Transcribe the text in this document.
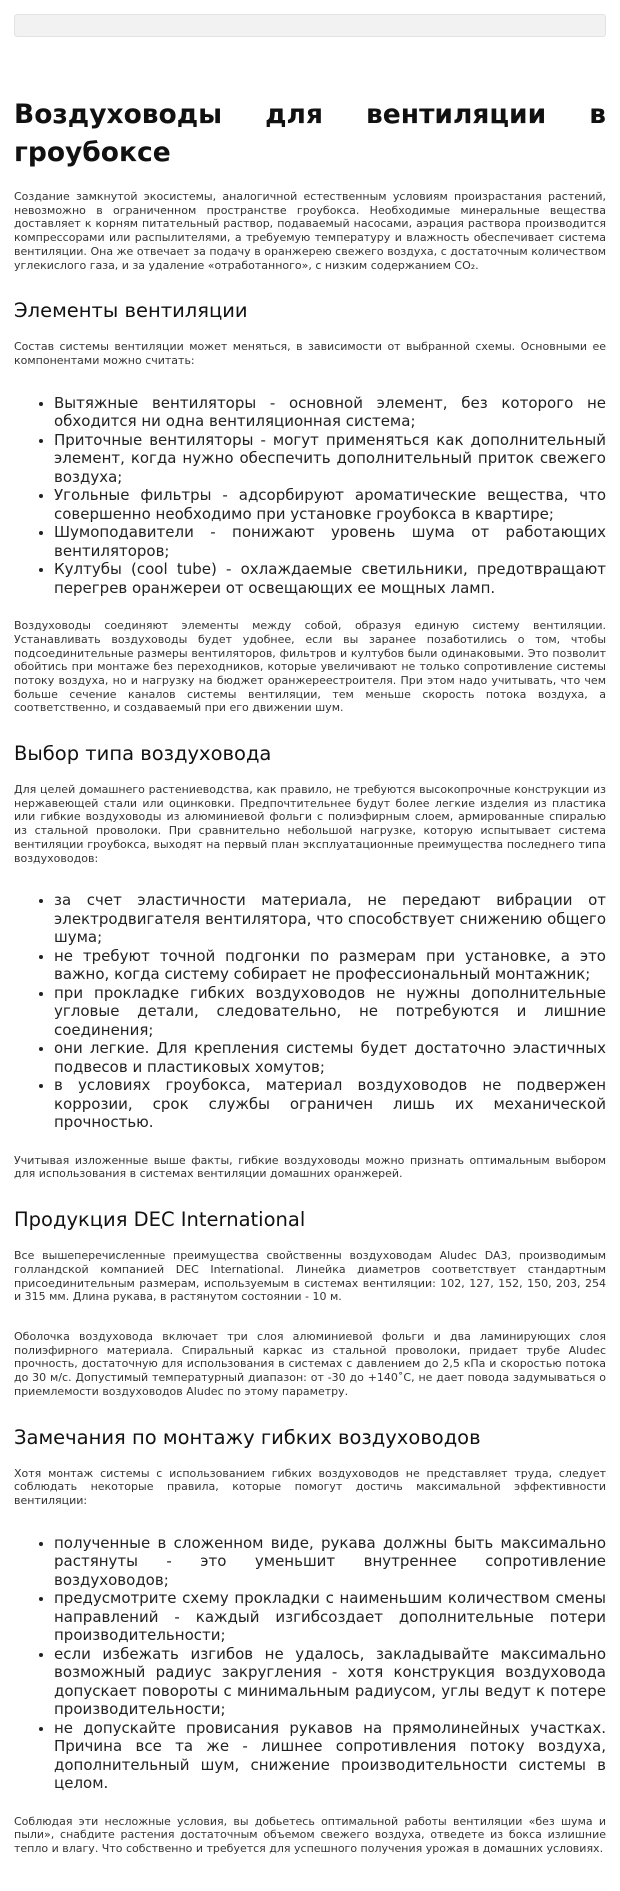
Воздуховоды для вентиляции в гроубоксе

Создание замкнутой экосистемы, аналогичной естественным условиям произрастания растений, невозможно в ограниченном пространстве гроубокса. Необходимые минеральные вещества доставляет к корням питательный раствор, подаваемый насосами, аэрация раствора производится компрессорами или распылителями, а требуемую температуру и влажность обеспечивает система вентиляции. Она же отвечает за подачу в оранжерею свежего воздуха, с достаточным количеством углекислого газа, и за удаление «отработанного», с низким содержанием CO₂.

Элементы вентиляции

Состав системы вентиляции может меняться, в зависимости от выбранной схемы. Основными ее компонентами можно считать:

• Вытяжные вентиляторы - основной элемент, без которого не обходится ни одна вентиляционная система;
• Приточные вентиляторы - могут применяться как дополнительный элемент, когда нужно обеспечить дополнительный приток свежего воздуха;
• Угольные фильтры - адсорбируют ароматические вещества, что совершенно необходимо при установке гроубокса в квартире;
• Шумоподавители - понижают уровень шума от работающих вентиляторов;
• Култубы (cool tube) - охлаждаемые светильники, предотвращают перегрев оранжереи от освещающих ее мощных ламп.

Воздуховоды соединяют элементы между собой, образуя единую систему вентиляции. Устанавливать воздуховоды будет удобнее, если вы заранее позаботились о том, чтобы подсоединительные размеры вентиляторов, фильтров и култубов были одинаковыми. Это позволит обойтись при монтаже без переходников, которые увеличивают не только сопротивление системы потоку воздуха, но и нагрузку на бюджет оранжереестроителя. При этом надо учитывать, что чем больше сечение каналов системы вентиляции, тем меньше скорость потока воздуха, а соответственно, и создаваемый при его движении шум.

Выбор типа воздуховода

Для целей домашнего растениеводства, как правило, не требуются высокопрочные конструкции из нержавеющей стали или оцинковки. Предпочтительнее будут более легкие изделия из пластика или гибкие воздуховоды из алюминиевой фольги с полиэфирным слоем, армированные спиралью из стальной проволоки. При сравнительно небольшой нагрузке, которую испытывает система вентиляции гроубокса, выходят на первый план эксплуатационные преимущества последнего типа воздуховодов:

• за счет эластичности материала, не передают вибрации от электродвигателя вентилятора, что способствует снижению общего шума;
• не требуют точной подгонки по размерам при установке, а это важно, когда систему собирает не профессиональный монтажник;
• при прокладке гибких воздуховодов не нужны дополнительные угловые детали, следовательно, не потребуются и лишние соединения;
• они легкие. Для крепления системы будет достаточно эластичных подвесов и пластиковых хомутов;
• в условиях гроубокса, материал воздуховодов не подвержен коррозии, срок службы ограничен лишь их механической прочностью.

Учитывая изложенные выше факты, гибкие воздуховоды можно признать оптимальным выбором для использования в системах вентиляции домашних оранжерей.

Продукция DEC International

Все вышеперечисленные преимущества свойственны воздуховодам Aludec DA3, производимым голландской компанией DEC International. Линейка диаметров соответствует стандартным присоединительным размерам, используемым в системах вентиляции: 102, 127, 152, 150, 203, 254 и 315 мм. Длина рукава, в растянутом состоянии - 10 м.

Оболочка воздуховода включает три слоя алюминиевой фольги и два ламинирующих слоя полиэфирного материала. Спиральный каркас из стальной проволоки, придает трубе Aludec прочность, достаточную для использования в системах с давлением до 2,5 кПа и скоростью потока до 30 м/с. Допустимый температурный диапазон: от -30 до +140˚С, не дает повода задумываться о приемлемости воздуховодов Aludec по этому параметру.

Замечания по монтажу гибких воздуховодов

Хотя монтаж системы с использованием гибких воздуховодов не представляет труда, следует соблюдать некоторые правила, которые помогут достичь максимальной эффективности вентиляции:

• полученные в сложенном виде, рукава должны быть максимально растянуты - это уменьшит внутреннее сопротивление воздуховодов;
• предусмотрите схему прокладки с наименьшим количеством смены направлений - каждый изгибсоздает дополнительные потери производительности;
• если избежать изгибов не удалось, закладывайте максимально возможный радиус закругления - хотя конструкция воздуховода допускает повороты с минимальным радиусом, углы ведут к потере производительности;
• не допускайте провисания рукавов на прямолинейных участках. Причина все та же - лишнее сопротивления потоку воздуха, дополнительный шум, снижение производительности системы в целом.

Соблюдая эти несложные условия, вы добьетесь оптимальной работы вентиляции «без шума и пыли», снабдите растения достаточным объемом свежего воздуха, отведете из бокса излишние тепло и влагу. Что собственно и требуется для успешного получения урожая в домашних условиях.
